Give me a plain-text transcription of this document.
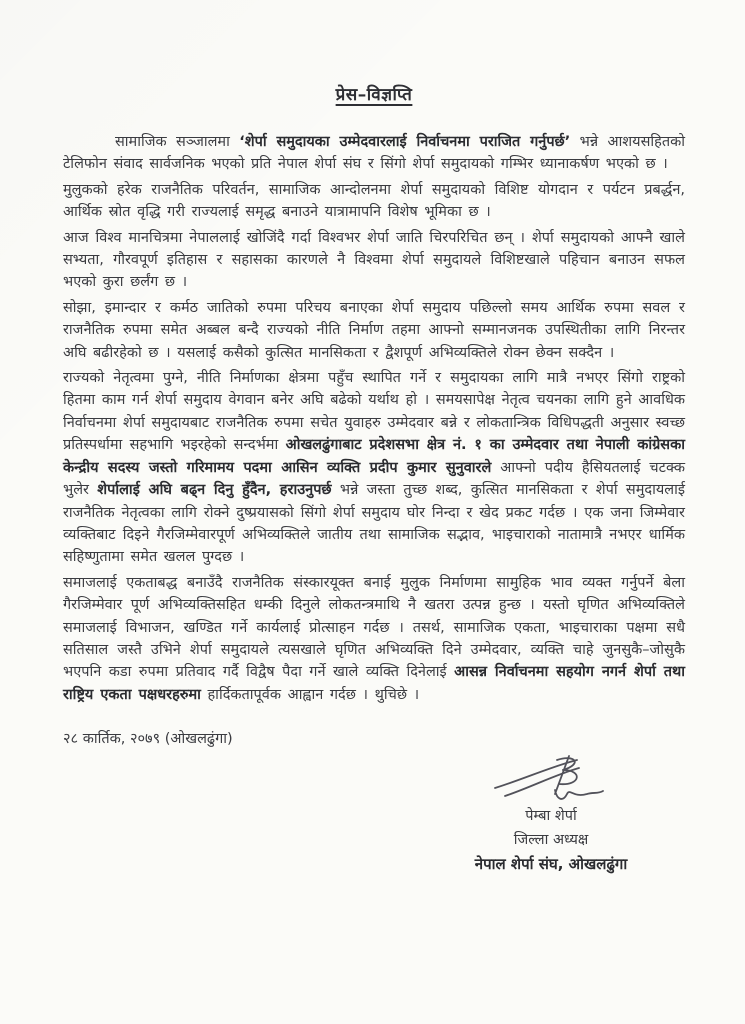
प्रेस–विज्ञप्ति

सामाजिक सञ्जालमा ‘शेर्पा समुदायका उम्मेदवारलाई निर्वाचनमा पराजित गर्नुपर्छ’ भन्ने आशयसहितको टेलिफोन संवाद सार्वजनिक भएको प्रति नेपाल शेर्पा संघ र सिंगो शेर्पा समुदायको गम्भिर ध्यानाकर्षण भएको छ ।

मुलुकको हरेक राजनैतिक परिवर्तन, सामाजिक आन्दोलनमा शेर्पा समुदायको विशिष्ट योगदान र पर्यटन प्रबर्द्धन, आर्थिक स्रोत वृद्धि गरी राज्यलाई समृद्ध बनाउने यात्रामापनि विशेष भूमिका छ ।

आज विश्व मानचित्रमा नेपाललाई खोजिंदै गर्दा विश्वभर शेर्पा जाति चिरपरिचित छन् । शेर्पा समुदायको आफ्नै खाले सभ्यता, गौरवपूर्ण इतिहास र सहासका कारणले नै विश्वमा शेर्पा समुदायले विशिष्टखाले पहिचान बनाउन सफल भएको कुरा छर्लंग छ ।

सोझा, इमान्दार र कर्मठ जातिको रुपमा परिचय बनाएका शेर्पा समुदाय पछिल्लो समय आर्थिक रुपमा सवल र राजनैतिक रुपमा समेत अब्बल बन्दै राज्यको नीति निर्माण तहमा आफ्नो सम्मानजनक उपस्थितीका लागि निरन्तर अघि बढीरहेको छ । यसलाई कसैको कुत्सित मानसिकता र द्वैशपूर्ण अभिव्यक्तिले रोक्न छेक्न सक्दैन ।

राज्यको नेतृत्वमा पुग्ने, नीति निर्माणका क्षेत्रमा पहुँच स्थापित गर्ने र समुदायका लागि मात्रै नभएर सिंगो राष्ट्रको हितमा काम गर्न शेर्पा समुदाय वेगवान बनेर अघि बढेको यर्थाथ हो । समयसापेक्ष नेतृत्व चयनका लागि हुने आवधिक निर्वाचनमा शेर्पा समुदायबाट राजनैतिक रुपमा सचेत युवाहरु उम्मेदवार बन्ने र लोकतान्त्रिक विधिपद्धती अनुसार स्वच्छ प्रतिस्पर्धामा सहभागि भइरहेको सन्दर्भमा ओखलढुंगाबाट प्रदेशसभा क्षेत्र नं. १ का उम्मेदवार तथा नेपाली कांग्रेसका केन्द्रीय सदस्य जस्तो गरिमामय पदमा आसिन व्यक्ति प्रदीप कुमार सुनुवारले आफ्नो पदीय हैसियतलाई चटक्क भुलेर शेर्पालाई अघि बढ्न दिनु हुँदैन, हराउनुपर्छ भन्ने जस्ता तुच्छ शब्द, कुत्सित मानसिकता र शेर्पा समुदायलाई राजनैतिक नेतृत्वका लागि रोक्ने दुष्प्रयासको सिंगो शेर्पा समुदाय घोर निन्दा र खेद प्रकट गर्दछ । एक जना जिम्मेवार व्यक्तिबाट दिइने गैरजिम्मेवारपूर्ण अभिव्यक्तिले जातीय तथा सामाजिक सद्भाव, भाइचाराको नातामात्रै नभएर धार्मिक सहिष्णुतामा समेत खलल पुग्दछ ।

समाजलाई एकताबद्ध बनाउँदै राजनैतिक संस्कारयूक्त बनाई मुलुक निर्माणमा सामुहिक भाव व्यक्त गर्नुपर्ने बेला गैरजिम्मेवार पूर्ण अभिव्यक्तिसहित धम्की दिनुले लोकतन्त्रमाथि नै खतरा उत्पन्न हुन्छ । यस्तो घृणित अभिव्यक्तिले समाजलाई विभाजन, खण्डित गर्ने कार्यलाई प्रोत्साहन गर्दछ । तसर्थ, सामाजिक एकता, भाइचाराका पक्षमा सधै सतिसाल जस्तै उभिने शेर्पा समुदायले त्यसखाले घृणित अभिव्यक्ति दिने उम्मेदवार, व्यक्ति चाहे जुनसुकै–जोसुकै भएपनि कडा रुपमा प्रतिवाद गर्दै विद्वैष पैदा गर्ने खाले व्यक्ति दिनेलाई आसन्न निर्वाचनमा सहयोग नगर्न शेर्पा तथा राष्ट्रिय एकता पक्षधरहरुमा हार्दिकतापूर्वक आह्वान गर्दछ । थुचिछे ।

२८ कार्तिक, २०७९ (ओखलढुंगा)
पेम्बा शेर्पा
जिल्ला अध्यक्ष
नेपाल शेर्पा संघ, ओखलढुंगा
